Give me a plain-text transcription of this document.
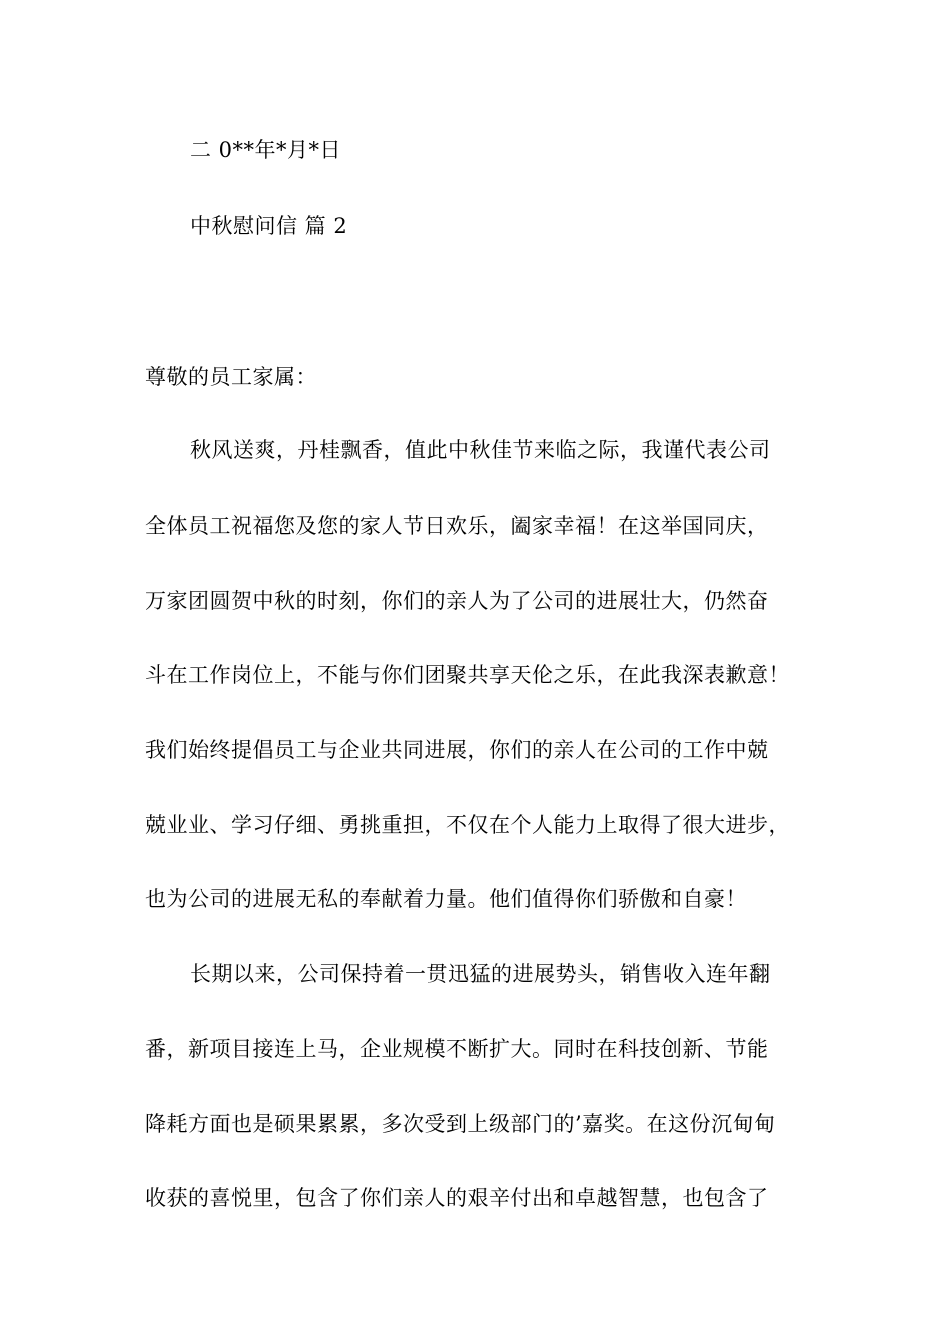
二 0**年*月*日
中秋慰问信 篇 2
尊敬的员工家属：
秋风送爽，丹桂飘香，值此中秋佳节来临之际，我谨代表公司
全体员工祝福您及您的家人节日欢乐，阖家幸福！在这举国同庆，
万家团圆贺中秋的时刻，你们的亲人为了公司的进展壮大，仍然奋
斗在工作岗位上，不能与你们团聚共享天伦之乐，在此我深表歉意！
我们始终提倡员工与企业共同进展，你们的亲人在公司的工作中兢
兢业业、学习仔细、勇挑重担，不仅在个人能力上取得了很大进步，
也为公司的进展无私的奉献着力量。他们值得你们骄傲和自豪！
长期以来，公司保持着一贯迅猛的进展势头，销售收入连年翻
番，新项目接连上马，企业规模不断扩大。同时在科技创新、节能
降耗方面也是硕果累累，多次受到上级部门的’嘉奖。在这份沉甸甸
收获的喜悦里，包含了你们亲人的艰辛付出和卓越智慧，也包含了
